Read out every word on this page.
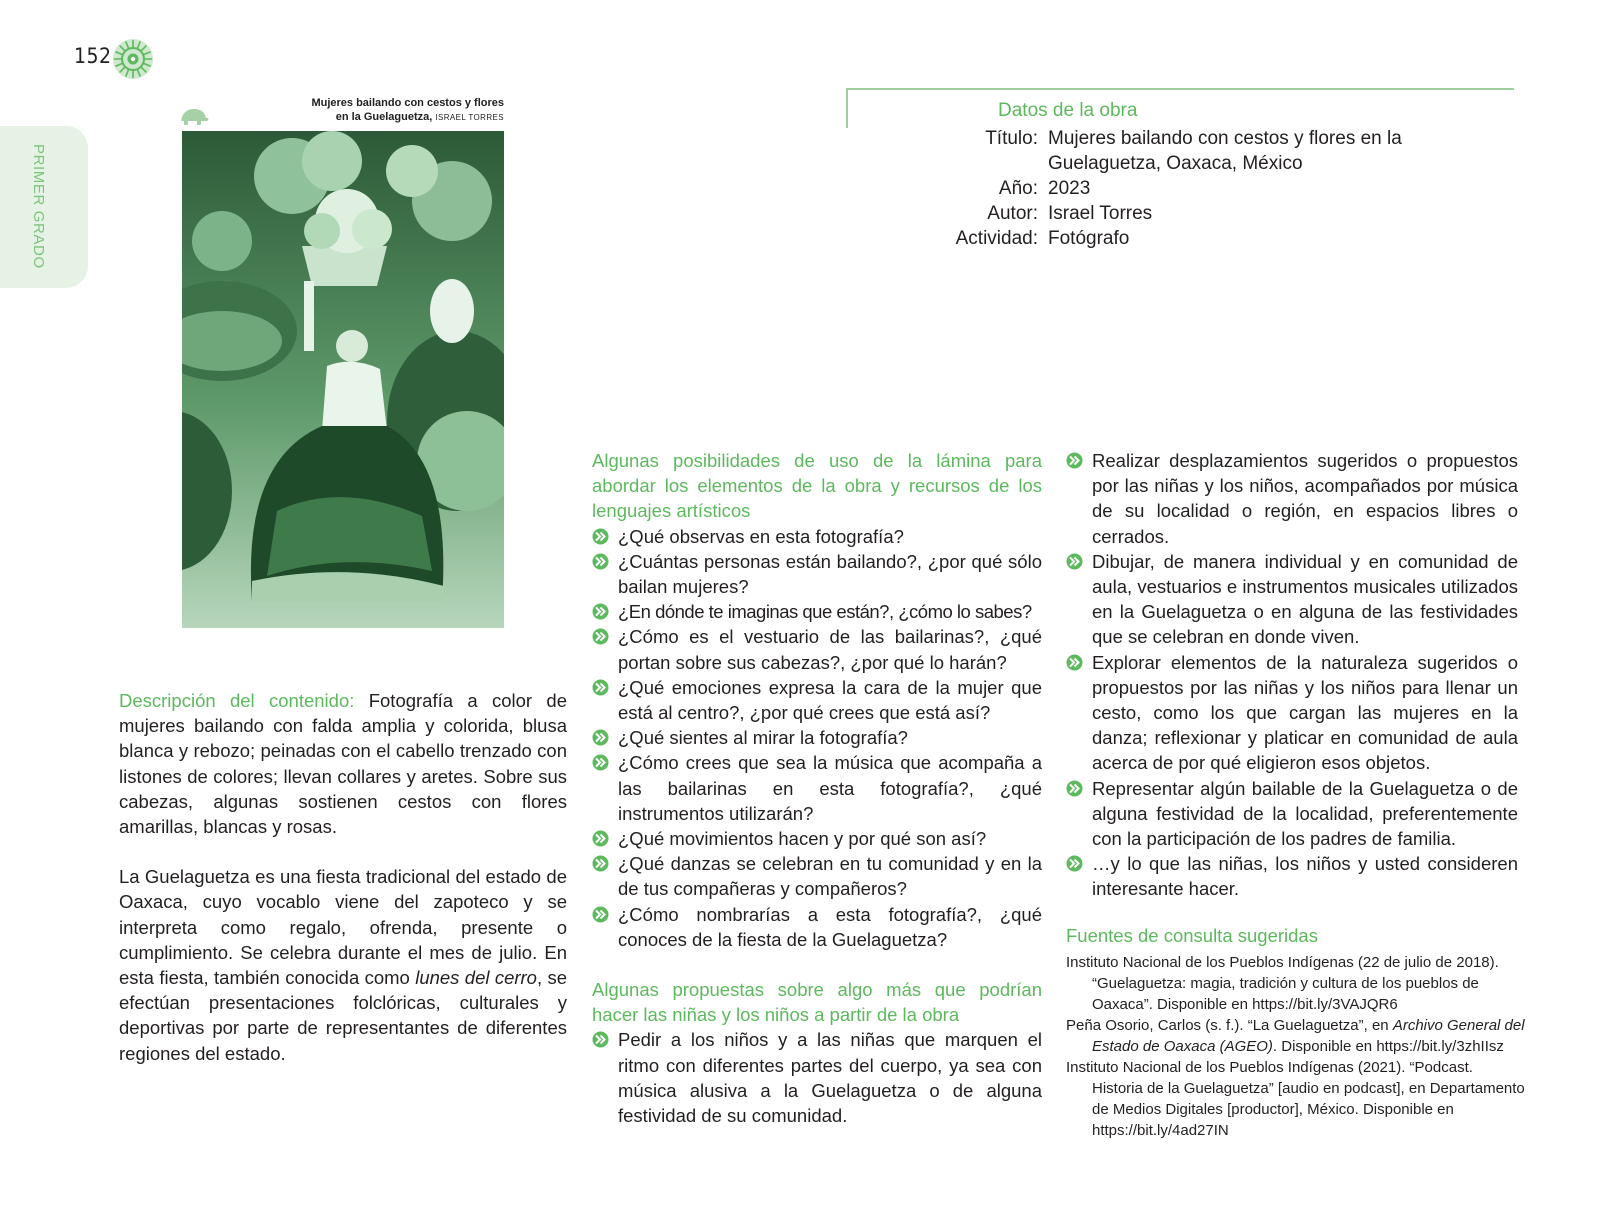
152
PRIMER GRADO
Mujeres bailando con cestos y flores
en la Guelaguetza, ISRAEL TORRES	Datos de la obra
Título: Mujeres bailando con cestos y flores en la Guelaguetza, Oaxaca, México
Año: 2023
Autor: Israel Torres
Actividad: Fotógrafo

Descripción del contenido: Fotografía a color de mujeres bailando con falda amplia y colorida, blusa blanca y rebozo; peinadas con el cabello trenzado con listones de colores; llevan collares y aretes. Sobre sus cabezas, algunas sostienen cestos con flores amarillas, blancas y rosas.

La Guelaguetza es una fiesta tradicional del estado de Oaxaca, cuyo vocablo viene del zapoteco y se interpreta como regalo, ofrenda, presente o cumplimiento. Se celebra durante el mes de julio. En esta fiesta, también conocida como lunes del cerro, se efectúan presentaciones folclóricas, culturales y deportivas por parte de representantes de diferentes regiones del estado.

Algunas posibilidades de uso de la lámina para abordar los elementos de la obra y recursos de los lenguajes artísticos

¿Qué observas en esta fotografía?
¿Cuántas personas están bailando?, ¿por qué sólo bailan mujeres?
¿En dónde te imaginas que están?, ¿cómo lo sabes?
¿Cómo es el vestuario de las bailarinas?, ¿qué portan sobre sus cabezas?, ¿por qué lo harán?
¿Qué emociones expresa la cara de la mujer que está al centro?, ¿por qué crees que está así?
¿Qué sientes al mirar la fotografía?
¿Cómo crees que sea la música que acompaña a las bailarinas en esta fotografía?, ¿qué instrumentos utilizarán?
¿Qué movimientos hacen y por qué son así?
¿Qué danzas se celebran en tu comunidad y en la de tus compañeras y compañeros?
¿Cómo nombrarías a esta fotografía?, ¿qué conoces de la fiesta de la Guelaguetza?

Algunas propuestas sobre algo más que podrían hacer las niñas y los niños a partir de la obra

Pedir a los niños y a las niñas que marquen el ritmo con diferentes partes del cuerpo, ya sea con música alusiva a la Guelaguetza o de alguna festividad de su comunidad.
Realizar desplazamientos sugeridos o propuestos por las niñas y los niños, acompañados por música de su localidad o región, en espacios libres o cerrados.
Dibujar, de manera individual y en comunidad de aula, vestuarios e instrumentos musicales utilizados en la Guelaguetza o en alguna de las festividades que se celebran en donde viven.
Explorar elementos de la naturaleza sugeridos o propuestos por las niñas y los niños para llenar un cesto, como los que cargan las mujeres en la danza; reflexionar y platicar en comunidad de aula acerca de por qué eligieron esos objetos.
Representar algún bailable de la Guelaguetza o de alguna festividad de la localidad, preferentemente con la participación de los padres de familia.
…y lo que las niñas, los niños y usted consideren interesante hacer.
Fuentes de consulta sugeridas
Instituto Nacional de los Pueblos Indígenas (22 de julio de 2018). “Guelaguetza: magia, tradición y cultura de los pueblos de Oaxaca”. Disponible en https://bit.ly/3VAJQR6
Peña Osorio, Carlos (s. f.). “La Guelaguetza”, en Archivo General del Estado de Oaxaca (AGEO). Disponible en https://bit.ly/3zhIIsz
Instituto Nacional de los Pueblos Indígenas (2021). “Podcast. Historia de la Guelaguetza” [audio en podcast], en Departamento de Medios Digitales [productor], México. Disponible en https://bit.ly/4ad27IN
